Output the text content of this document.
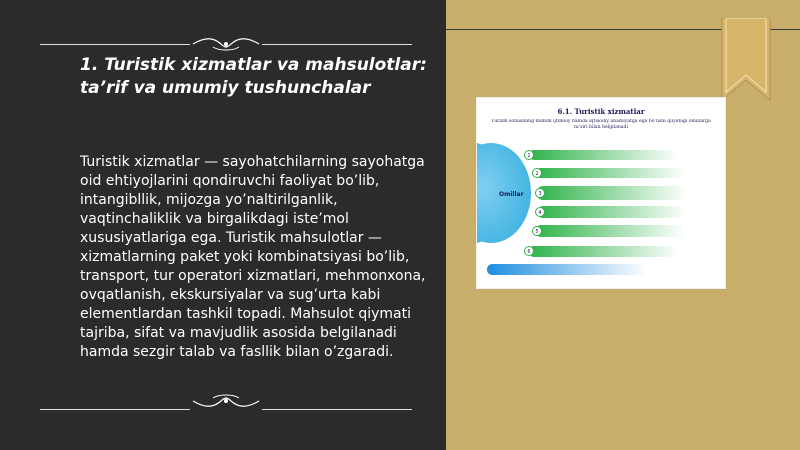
1. Turistik xizmatlar va mahsulotlar: ta’rif va umumiy tushunchalar
Turistik xizmatlar — sayohatchilarning sayohatga oid ehtiyojlarini qondiruvchi faoliyat bo’lib, intangibllik, mijozga yo’naltirilganlik, vaqtinchaliklik va birgalikdagi iste’mol xususiyatlariga ega. Turistik mahsulotlar — xizmatlarning paket yoki kombinatsiyasi bo’lib, transport, tur operatori xizmatlari, mehmonxona, ovqatlanish, ekskursiyalar va sug’urta kabi elementlardan tashkil topadi. Mahsulot qiymati tajriba, sifat va mavjudlik asosida belgilanadi hamda sezgir talab va fasllik bilan o’zgaradi.
6.1. Turistik xizmatlar
Turizm sohasining muhim ijtimoiy hamda iqtisodiy ahamiyatga ega bo’lishi quyidagi omillarga ta’siri bilan belgilanadi
Omillar
1
2
3
4
5
6
